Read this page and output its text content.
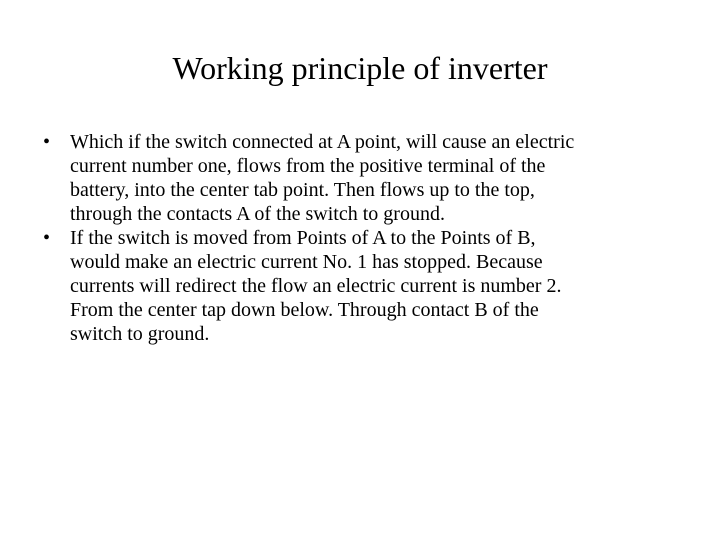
Working principle of inverter
• Which if the switch connected at A point, will cause an electric
current number one, flows from the positive terminal of the
battery, into the center tab point. Then flows up to the top,
through the contacts A of the switch to ground.
• If the switch is moved from Points of A to the Points of B,
would make an electric current No. 1 has stopped. Because
currents will redirect the flow an electric current is number 2.
From the center tap down below. Through contact B of the
switch to ground.
